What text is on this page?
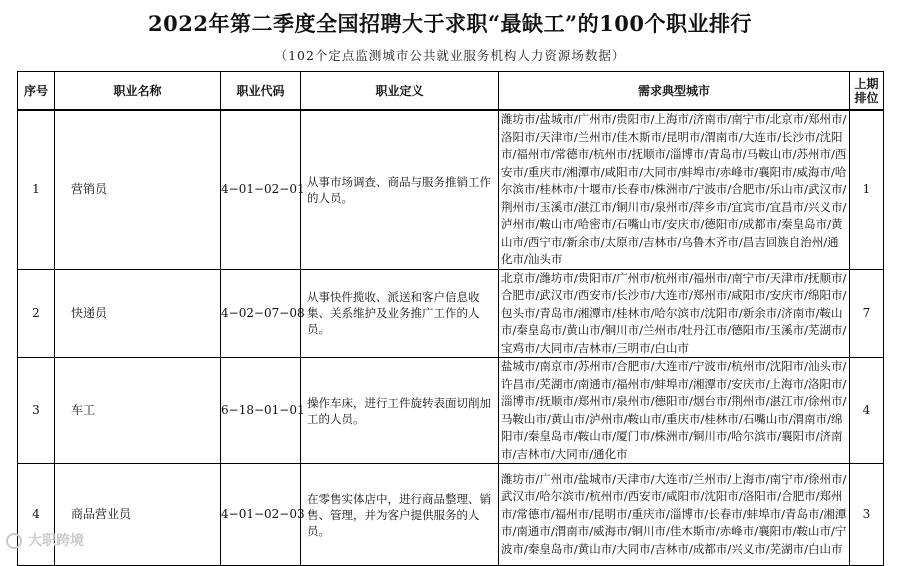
2022年第二季度全国招聘大于求职“最缺工”的100个职业排行
（102个定点监测城市公共就业服务机构人力资源场数据）
序号	职业名称	职业代码	职业定义	需求典型城市	上期排位
1	营销员	4−01−02−01	从事市场调查、商品与服务推销工作的人员。	潍坊市/盐城市/广州市/贵阳市/上海市/济南市/南宁市/北京市/郑州市/洛阳市/天津市/兰州市/佳木斯市/昆明市/渭南市/大连市/长沙市/沈阳市/福州市/常德市/杭州市/抚顺市/淄博市/青岛市/马鞍山市/苏州市/西安市/重庆市/湘潭市/咸阳市/大同市/蚌埠市/赤峰市/襄阳市/威海市/哈尔滨市/桂林市/十堰市/长春市/株洲市/宁波市/合肥市/乐山市/武汉市/荆州市/玉溪市/湛江市/铜川市/泉州市/萍乡市/宜宾市/宜昌市/兴义市/泸州市/鞍山市/哈密市/石嘴山市/安庆市/德阳市/成都市/秦皇岛市/黄山市/西宁市/新余市/太原市/吉林市/乌鲁木齐市/昌吉回族自治州/通化市/汕头市	1
2	快递员	4−02−07−08	从事快件揽收、派送和客户信息收集、关系维护及业务推广工作的人员。	北京市/潍坊市/贵阳市/广州市/杭州市/福州市/南宁市/天津市/抚顺市/合肥市/武汉市/西安市/长沙市/大连市/郑州市/咸阳市/安庆市/绵阳市/包头市/青岛市/湘潭市/桂林市/哈尔滨市/沈阳市/新余市/济南市/鞍山市/秦皇岛市/黄山市/铜川市/兰州市/牡丹江市/德阳市/玉溪市/芜湖市/宝鸡市/大同市/吉林市/三明市/白山市	7
3	车工	6−18−01−01	操作车床，进行工件旋转表面切削加工的人员。	盐城市/南京市/苏州市/合肥市/大连市/宁波市/杭州市/沈阳市/汕头市/许昌市/芜湖市/南通市/福州市/蚌埠市/湘潭市/安庆市/上海市/洛阳市/淄博市/抚顺市/郑州市/泉州市/德阳市/烟台市/荆州市/湛江市/徐州市/马鞍山市/黄山市/泸州市/鞍山市/重庆市/桂林市/石嘴山市/渭南市/绵阳市/秦皇岛市/鞍山市/厦门市/株洲市/铜川市/哈尔滨市/襄阳市/济南市/吉林市/大同市/通化市	4
4	商品营业员	4−01−02−03	在零售实体店中，进行商品整理、销售、管理，并为客户提供服务的人员。	潍坊市/广州市/盐城市/天津市/大连市/兰州市/上海市/南宁市/徐州市/武汉市/哈尔滨市/杭州市/西安市/咸阳市/沈阳市/洛阳市/合肥市/郑州市/常德市/福州市/昆明市/重庆市/淄博市/长春市/蚌埠市/青岛市/湘潭市/南通市/渭南市/威海市/铜川市/佳木斯市/赤峰市/襄阳市/鞍山市/宁波市/秦皇岛市/黄山市/大同市/吉林市/成都市/兴义市/芜湖市/白山市	3
大职跨境
